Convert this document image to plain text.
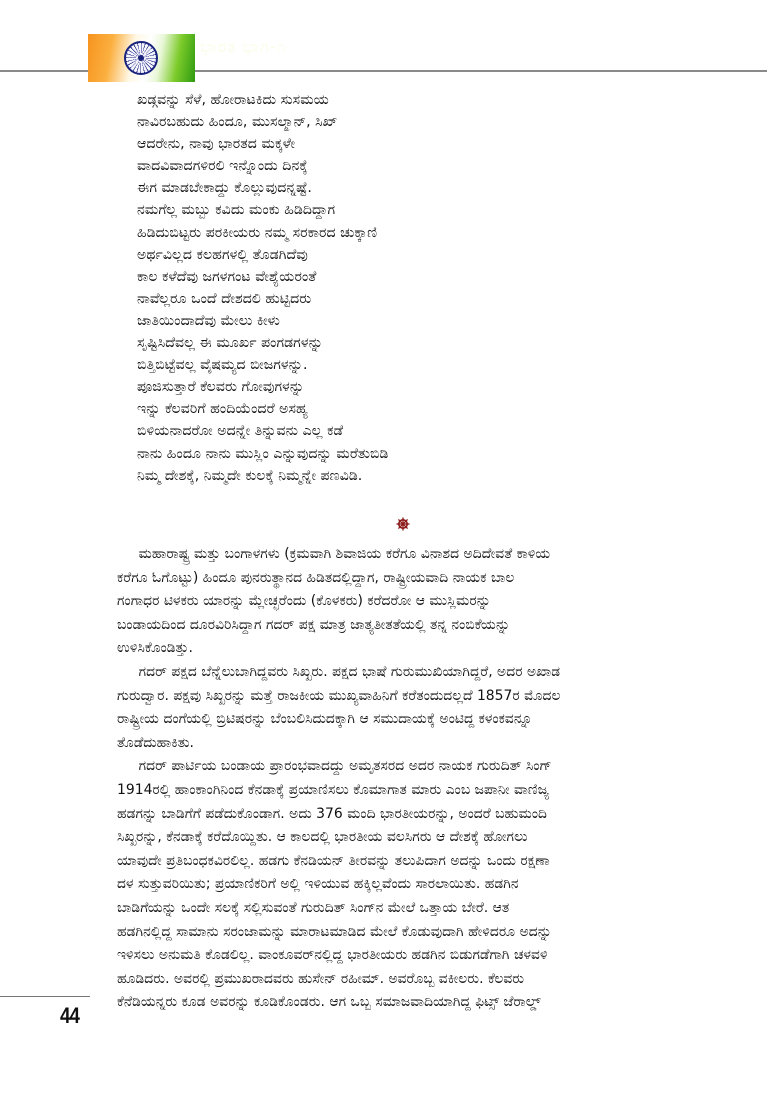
ಭಾರತ ಭಾಗ-೧
ಖಡ್ಗವನ್ನು ಸೆಳೆ, ಹೋರಾಟಕಿದು ಸುಸಮಯ
ನಾವಿರಬಹುದು ಹಿಂದೂ, ಮುಸಲ್ಮಾನ್, ಸಿಖ್
ಆದರೇನು, ನಾವು ಭಾರತದ ಮಕ್ಕಳೇ
ವಾದವಿವಾದಗಳಿರಲಿ ಇನ್ನೊಂದು ದಿನಕ್ಕೆ
ಈಗ ಮಾಡಬೇಕಾದ್ದು ಕೊಲ್ಲುವುದನ್ನಷ್ಟೆ.
ನಮಗೆಲ್ಲ ಮಬ್ಬು ಕವಿದು ಮಂಕು ಹಿಡಿದಿದ್ದಾಗ
ಹಿಡಿದುಬಿಟ್ಟರು ಪರಕೀಯರು ನಮ್ಮ ಸರಕಾರದ ಚುಕ್ಕಾಣಿ
ಅರ್ಥವಿಲ್ಲದ ಕಲಹಗಳಲ್ಲಿ ತೊಡಗಿದೆವು
ಕಾಲ ಕಳೆದೆವು ಜಗಳಗಂಟ ವೇಶ್ಯೆಯರಂತೆ
ನಾವೆಲ್ಲರೂ ಒಂದೆ ದೇಶದಲಿ ಹುಟ್ಟಿದರು
ಜಾತಿಯಿಂದಾದೆವು ಮೇಲು ಕೀಳು
ಸೃಷ್ಟಿಸಿದೆವಲ್ಲ ಈ ಮೂರ್ಖ ಪಂಗಡಗಳನ್ನು
ಬಿತ್ತಿಬಿಟ್ಟೆವಲ್ಲ ವೈಷಮ್ಯದ ಬೀಜಗಳನ್ನು.
ಪೂಜಿಸುತ್ತಾರೆ ಕೆಲವರು ಗೋವುಗಳನ್ನು
ಇನ್ನು ಕೆಲವರಿಗೆ ಹಂದಿಯೆಂದರೆ ಅಸಹ್ಯ
ಬಿಳಿಯನಾದರೋ ಅದನ್ನೇ ತಿನ್ನುವನು ಎಲ್ಲ ಕಡೆ
ನಾನು ಹಿಂದೂ ನಾನು ಮುಸ್ಲಿಂ ಎನ್ನುವುದನ್ನು ಮರೆತುಬಿಡಿ
ನಿಮ್ಮ ದೇಶಕ್ಕೆ, ನಿಮ್ಮದೇ ಕುಲಕ್ಕೆ ನಿಮ್ಮನ್ನೇ ಪಣವಿಡಿ.
ಮಹಾರಾಷ್ಟ್ರ ಮತ್ತು ಬಂಗಾಳಗಳು (ಕ್ರಮವಾಗಿ ಶಿವಾಜಿಯ ಕರೆಗೂ ವಿನಾಶದ ಅದಿದೇವತೆ ಕಾಳಿಯ
ಕರೆಗೂ ಓಗೊಟ್ಟು) ಹಿಂದೂ ಪುನರುತ್ಥಾನದ ಹಿಡಿತದಲ್ಲಿದ್ದಾಗ, ರಾಷ್ಟ್ರೀಯವಾದಿ ನಾಯಕ ಬಾಲ
ಗಂಗಾಧರ ಟಿಳಕರು ಯಾರನ್ನು ಮ್ಲೇಚ್ಛರೆಂದು (ಕೊಳಕರು) ಕರೆದರೋ ಆ ಮುಸ್ಲಿಮರನ್ನು
ಬಂಡಾಯದಿಂದ ದೂರವಿರಿಸಿದ್ದಾಗ ಗದರ್ ಪಕ್ಷ ಮಾತ್ರ ಜಾತ್ಯತೀತತೆಯಲ್ಲಿ ತನ್ನ ನಂಬಿಕೆಯನ್ನು
ಉಳಿಸಿಕೊಂಡಿತ್ತು.
ಗದರ್ ಪಕ್ಷದ ಬೆನ್ನೆಲುಬಾಗಿದ್ದವರು ಸಿಖ್ಖರು. ಪಕ್ಷದ ಭಾಷೆ ಗುರುಮುಖಿಯಾಗಿದ್ದರೆ, ಅದರ ಅಖಾಡ
ಗುರುದ್ವಾರ. ಪಕ್ಷವು ಸಿಖ್ಖರನ್ನು ಮತ್ತೆ ರಾಜಕೀಯ ಮುಖ್ಯವಾಹಿನಿಗೆ ಕರೆತಂದುದಲ್ಲದೆ 1857ರ ಮೊದಲ
ರಾಷ್ಟ್ರೀಯ ದಂಗೆಯಲ್ಲಿ ಬ್ರಿಟಿಷರನ್ನು ಬೆಂಬಲಿಸಿದುದಕ್ಕಾಗಿ ಆ ಸಮುದಾಯಕ್ಕೆ ಅಂಟಿದ್ದ ಕಳಂಕವನ್ನೂ
ತೊಡೆದುಹಾಕಿತು.
ಗದರ್ ಪಾರ್ಟಿಯ ಬಂಡಾಯ ಪ್ರಾರಂಭವಾದದ್ದು ಅಮೃತಸರದ ಅದರ ನಾಯಕ ಗುರುದಿತ್ ಸಿಂಗ್
1914ರಲ್ಲಿ ಹಾಂಕಾಂಗಿನಿಂದ ಕೆನಡಾಕ್ಕೆ ಪ್ರಯಾಣಿಸಲು ಕೊಮಾಗಾತ ಮಾರು ಎಂಬ ಜಪಾನೀ ವಾಣಿಜ್ಯ
ಹಡಗನ್ನು ಬಾಡಿಗೆಗೆ ಪಡೆದುಕೊಂಡಾಗ. ಅದು 376 ಮಂದಿ ಭಾರತೀಯರನ್ನು, ಅಂದರೆ ಬಹುಮಂದಿ
ಸಿಖ್ಖರನ್ನು, ಕೆನಡಾಕ್ಕೆ ಕರೆದೊಯ್ದಿತು. ಆ ಕಾಲದಲ್ಲಿ ಭಾರತೀಯ ವಲಸಿಗರು ಆ ದೇಶಕ್ಕೆ ಹೋಗಲು
ಯಾವುದೇ ಪ್ರತಿಬಂಧಕವಿರಲಿಲ್ಲ. ಹಡಗು ಕೆನಡಿಯನ್ ತೀರವನ್ನು ತಲುಪಿದಾಗ ಅದನ್ನು ಒಂದು ರಕ್ಷಣಾ
ದಳ ಸುತ್ತುವರಿಯಿತು; ಪ್ರಯಾಣಿಕರಿಗೆ ಅಲ್ಲಿ ಇಳಿಯುವ ಹಕ್ಕಿಲ್ಲವೆಂದು ಸಾರಲಾಯಿತು. ಹಡಗಿನ
ಬಾಡಿಗೆಯನ್ನು ಒಂದೇ ಸಲಕ್ಕೆ ಸಲ್ಲಿಸುವಂತೆ ಗುರುದಿತ್ ಸಿಂಗ್‌ನ ಮೇಲೆ ಒತ್ತಾಯ ಬೇರೆ. ಆತ
ಹಡಗಿನಲ್ಲಿದ್ದ ಸಾಮಾನು ಸರಂಜಾಮನ್ನು ಮಾರಾಟಮಾಡಿದ ಮೇಲೆ ಕೊಡುವುದಾಗಿ ಹೇಳಿದರೂ ಅದನ್ನು
ಇಳಿಸಲು ಅನುಮತಿ ಕೊಡಲಿಲ್ಲ. ವಾಂಕೂವರ್‌ನಲ್ಲಿದ್ದ ಭಾರತೀಯರು ಹಡಗಿನ ಬಿಡುಗಡೆಗಾಗಿ ಚಳವಳಿ
ಹೂಡಿದರು. ಅವರಲ್ಲಿ ಪ್ರಮುಖರಾದವರು ಹುಸೇನ್ ರಹೀಮ್. ಅವರೊಬ್ಬ ವಕೀಲರು. ಕೆಲವರು
ಕೆನೆಡಿಯನ್ನರು ಕೂಡ ಅವರನ್ನು ಕೂಡಿಕೊಂಡರು. ಆಗ ಒಬ್ಬ ಸಮಾಜವಾದಿಯಾಗಿದ್ದ ಫಿಟ್ಸ್ ಜೆರಾಲ್ಡ್
44
